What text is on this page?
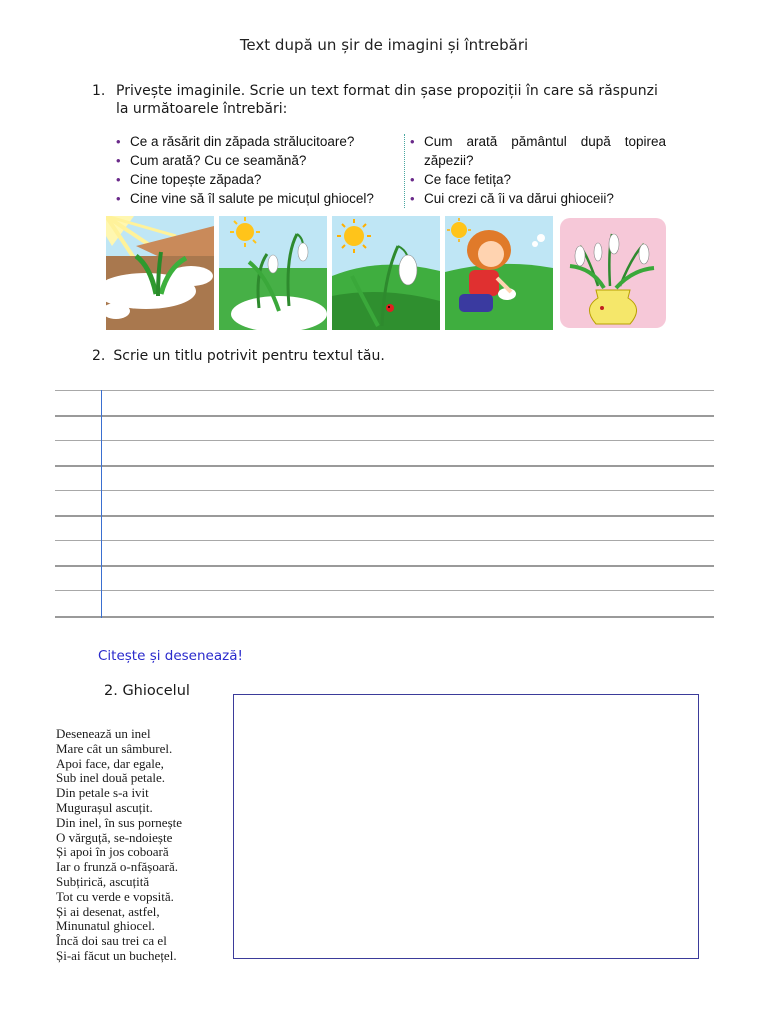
Text după un șir de imagini și întrebări
1. Privește imaginile. Scrie un text format din șase propoziții în care să răspunzi la următoarele întrebări:
• Ce a răsărit din zăpada strălucitoare?
• Cum arată? Cu ce seamănă?
• Cine topește zăpada?
• Cine vine să îl salute pe micuțul ghiocel?
• Cum arată pământul după topirea zăpezii?
• Ce face fetița?
• Cui crezi că îi va dărui ghioceii?
2. Scrie un titlu potrivit pentru textul tău.
Citește și desenează!
2. Ghiocelul
Desenează un inel
Mare cât un sâmburel.
Apoi face, dar egale,
Sub inel două petale.
Din petale s-a ivit
Mugurașul ascuțit.
Din inel, în sus pornește
O vărguță, se-ndoiește
Și apoi în jos coboară
Iar o frunză o-nfășoară.
Subțirică, ascuțită
Tot cu verde e vopsită.
Și ai desenat, astfel,
Minunatul ghiocel.
Încă doi sau trei ca el
Și-ai făcut un buchețel.
